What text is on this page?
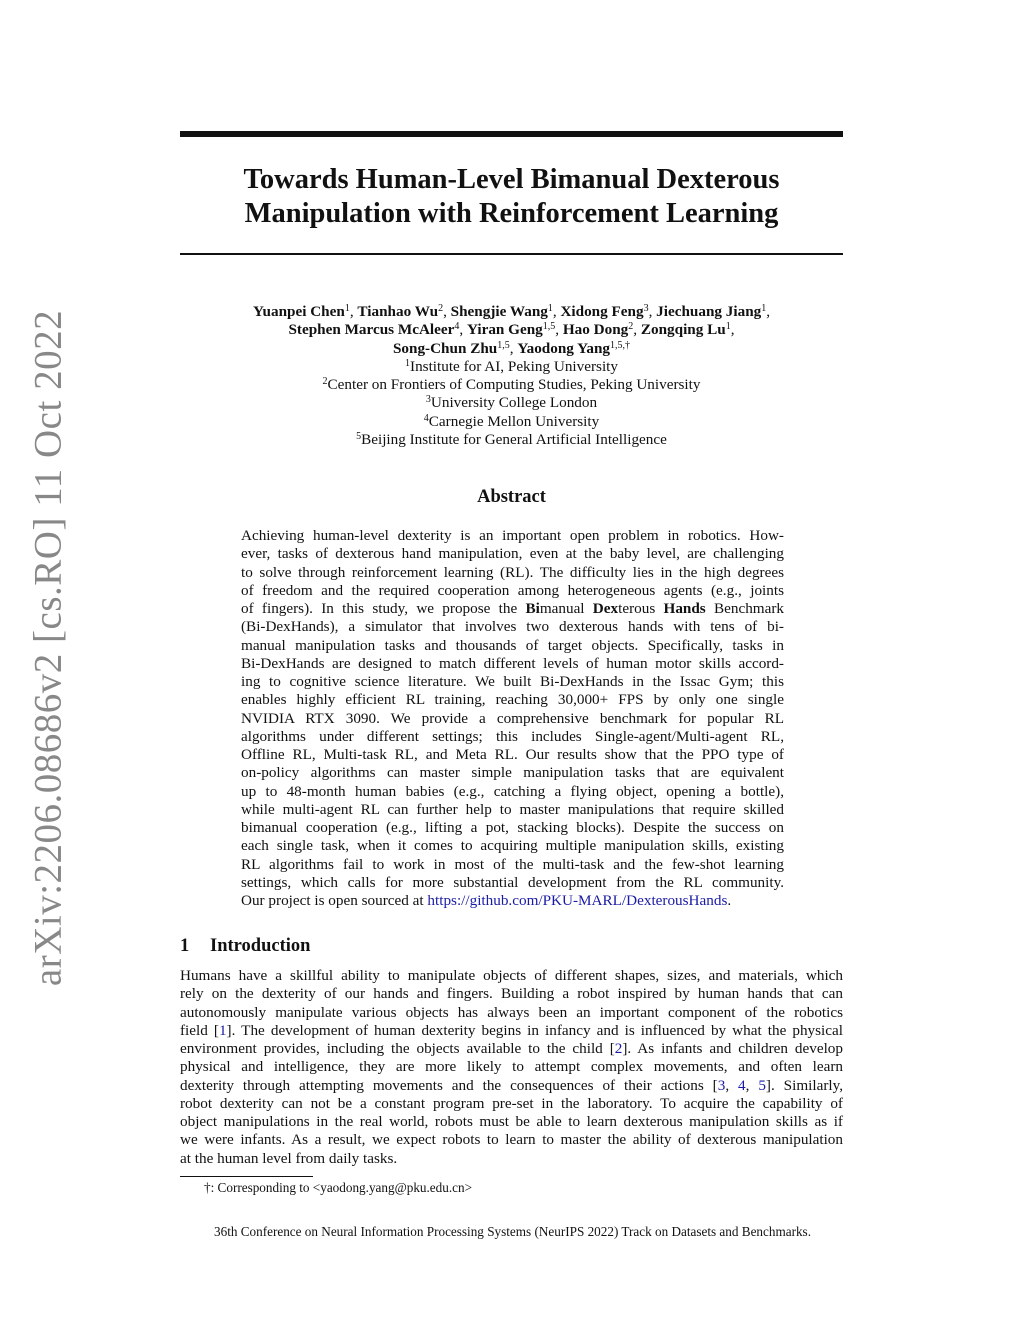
arXiv:2206.08686v2 [cs.RO] 11 Oct 2022
Towards Human-Level Bimanual Dexterous
Manipulation with Reinforcement Learning
Yuanpei Chen$^1$, Tianhao Wu$^2$, Shengjie Wang$^1$, Xidong Feng$^3$, Jiechuang Jiang$^1$,
Stephen Marcus McAleer$^4$, Yiran Geng$^{1,5}$, Hao Dong$^2$, Zongqing Lu$^1$,
Song-Chun Zhu$^{1,5}$, Yaodong Yang$^{1,5,\dagger}$
$^1$Institute for AI, Peking University
$^2$Center on Frontiers of Computing Studies, Peking University
$^3$University College London
$^4$Carnegie Mellon University
$^5$Beijing Institute for General Artificial Intelligence
Abstract
Achieving human-level dexterity is an important open problem in robotics. How-
ever, tasks of dexterous hand manipulation, even at the baby level, are challenging
to solve through reinforcement learning (RL). The difficulty lies in the high degrees
of freedom and the required cooperation among heterogeneous agents (e.g., joints
of fingers). In this study, we propose the Bimanual Dexterous Hands Benchmark
(Bi-DexHands), a simulator that involves two dexterous hands with tens of bi-
manual manipulation tasks and thousands of target objects. Specifically, tasks in
Bi-DexHands are designed to match different levels of human motor skills accord-
ing to cognitive science literature. We built Bi-DexHands in the Issac Gym; this
enables highly efficient RL training, reaching 30,000+ FPS by only one single
NVIDIA RTX 3090. We provide a comprehensive benchmark for popular RL
algorithms under different settings; this includes Single-agent/Multi-agent RL,
Offline RL, Multi-task RL, and Meta RL. Our results show that the PPO type of
on-policy algorithms can master simple manipulation tasks that are equivalent
up to 48-month human babies (e.g., catching a flying object, opening a bottle),
while multi-agent RL can further help to master manipulations that require skilled
bimanual cooperation (e.g., lifting a pot, stacking blocks). Despite the success on
each single task, when it comes to acquiring multiple manipulation skills, existing
RL algorithms fail to work in most of the multi-task and the few-shot learning
settings, which calls for more substantial development from the RL community.
Our project is open sourced at https://github.com/PKU-MARL/DexterousHands.
1 Introduction
Humans have a skillful ability to manipulate objects of different shapes, sizes, and materials, which
rely on the dexterity of our hands and fingers. Building a robot inspired by human hands that can
autonomously manipulate various objects has always been an important component of the robotics
field [1]. The development of human dexterity begins in infancy and is influenced by what the physical
environment provides, including the objects available to the child [2]. As infants and children develop
physical and intelligence, they are more likely to attempt complex movements, and often learn
dexterity through attempting movements and the consequences of their actions [3, 4, 5]. Similarly,
robot dexterity can not be a constant program pre-set in the laboratory. To acquire the capability of
object manipulations in the real world, robots must be able to learn dexterous manipulation skills as if
we were infants. As a result, we expect robots to learn to master the ability of dexterous manipulation
at the human level from daily tasks.
†: Corresponding to <yaodong.yang@pku.edu.cn>
36th Conference on Neural Information Processing Systems (NeurIPS 2022) Track on Datasets and Benchmarks.
